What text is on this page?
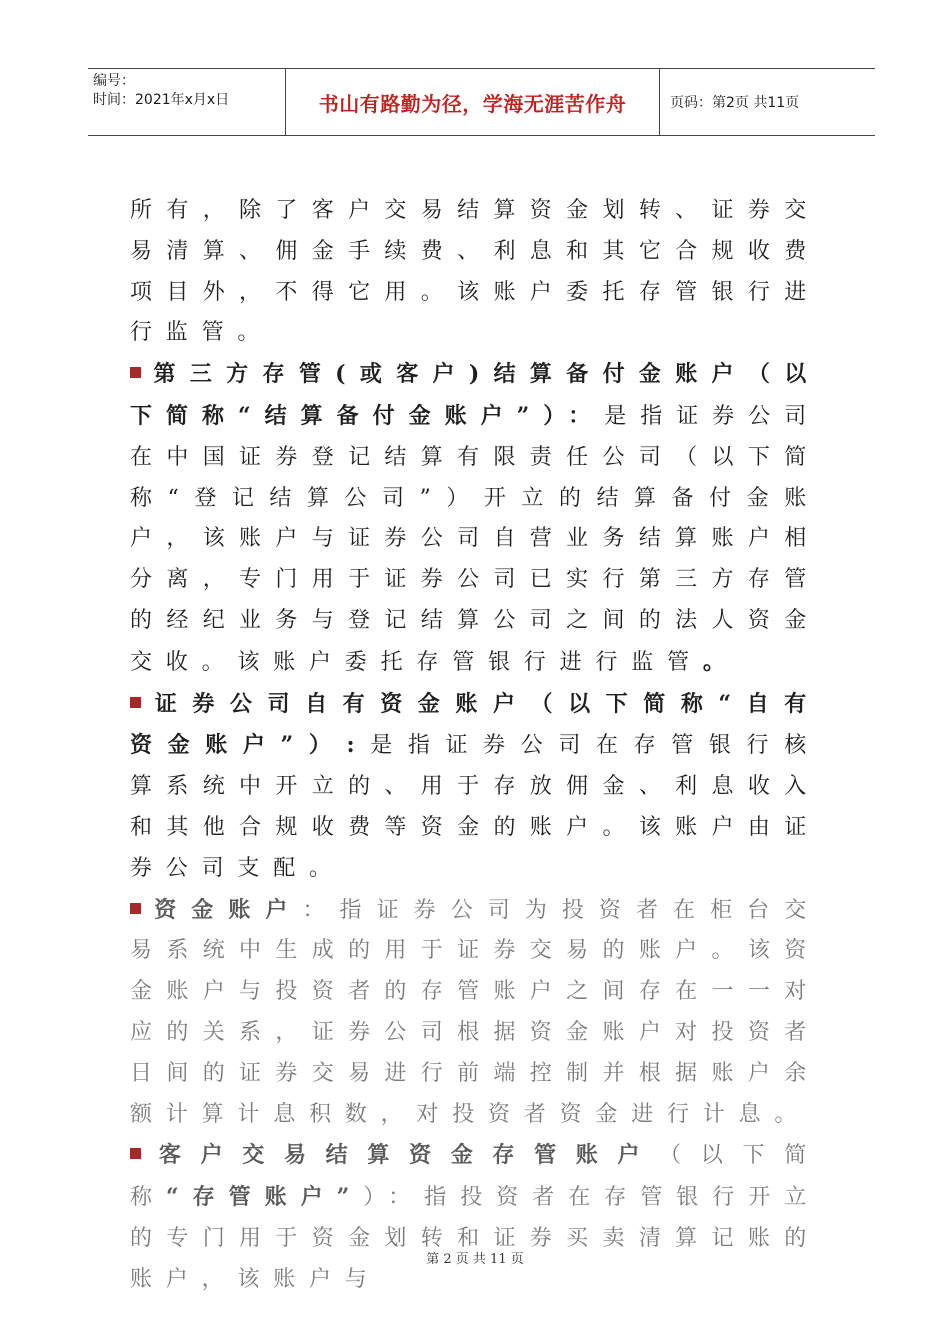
编号：
时间：2021年x月x日	书山有路勤为径，学海无涯苦作舟	页码：第2页 共11页

所有，除了客户交易结算资金划转、证券交易清算、佣金手续费、利息和其它合规收费项目外，不得它用。该账户委托存管银行进行监管。

第三方存管(或客户)结算备付金账户（以下简称“结算备付金账户”）：是指证券公司在中国证券登记结算有限责任公司（以下简称“登记结算公司”）开立的结算备付金账户，该账户与证券公司自营业务结算账户相分离，专门用于证券公司已实行第三方存管的经纪业务与登记结算公司之间的法人资金交收。该账户委托存管银行进行监管。

证券公司自有资金账户（以下简称“自有资金账户”）:是指证券公司在存管银行核算系统中开立的、用于存放佣金、利息收入和其他合规收费等资金的账户。该账户由证券公司支配。

资金账户：指证券公司为投资者在柜台交易系统中生成的用于证券交易的账户。该资金账户与投资者的存管账户之间存在一一对应的关系，证券公司根据资金账户对投资者日间的证券交易进行前端控制并根据账户余额计算计息积数，对投资者资金进行计息。

客户交易结算资金存管账户（以下简称“存管账户”）：指投资者在存管银行开立的专门用于资金划转和证券买卖清算记账的账户，该账户与

第 2 页 共 11 页
